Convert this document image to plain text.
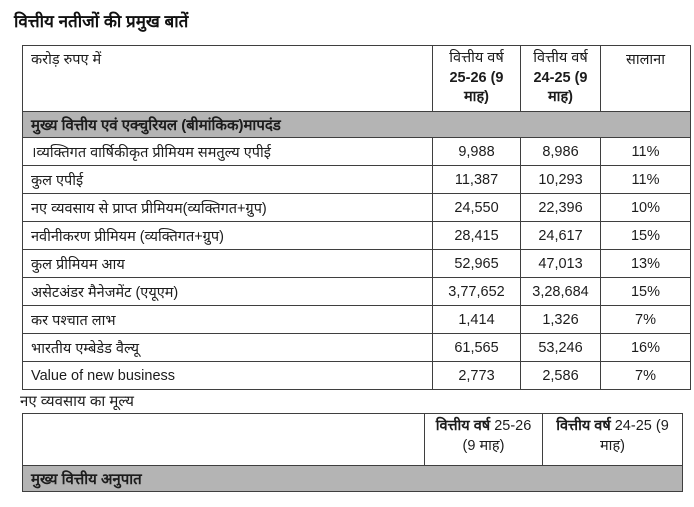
वित्तीय नतीजों की प्रमुख बातें
करोड़ रुपए में	वित्तीय वर्ष 25-26 (9 माह)	वित्तीय वर्ष 24-25 (9 माह)	सालाना
मुख्य वित्तीय एवं एक्चुरियल (बीमांकिक)मापदंड			
।व्यक्तिगत वार्षिकीकृत प्रीमियम समतुल्य एपीई	9,988	8,986	11%
कुल एपीई	11,387	10,293	11%
नए व्यवसाय से प्राप्त प्रीमियम(व्यक्तिगत+ग्रुप)	24,550	22,396	10%
नवीनीकरण प्रीमियम (व्यक्तिगत+ग्रुप)	28,415	24,617	15%
कुल प्रीमियम आय	52,965	47,013	13%
असेटअंडर मैनेजमेंट (एयूएम)	3,77,652	3,28,684	15%
कर पश्चात लाभ	1,414	1,326	7%
भारतीय एम्बेडेड वैल्यू	61,565	53,246	16%
Value of new business	2,773	2,586	7%
नए व्यवसाय का मूल्य
	वित्तीय वर्ष 25-26 (9 माह)	वित्तीय वर्ष 24-25 (9 माह)
मुख्य वित्तीय अनुपात
